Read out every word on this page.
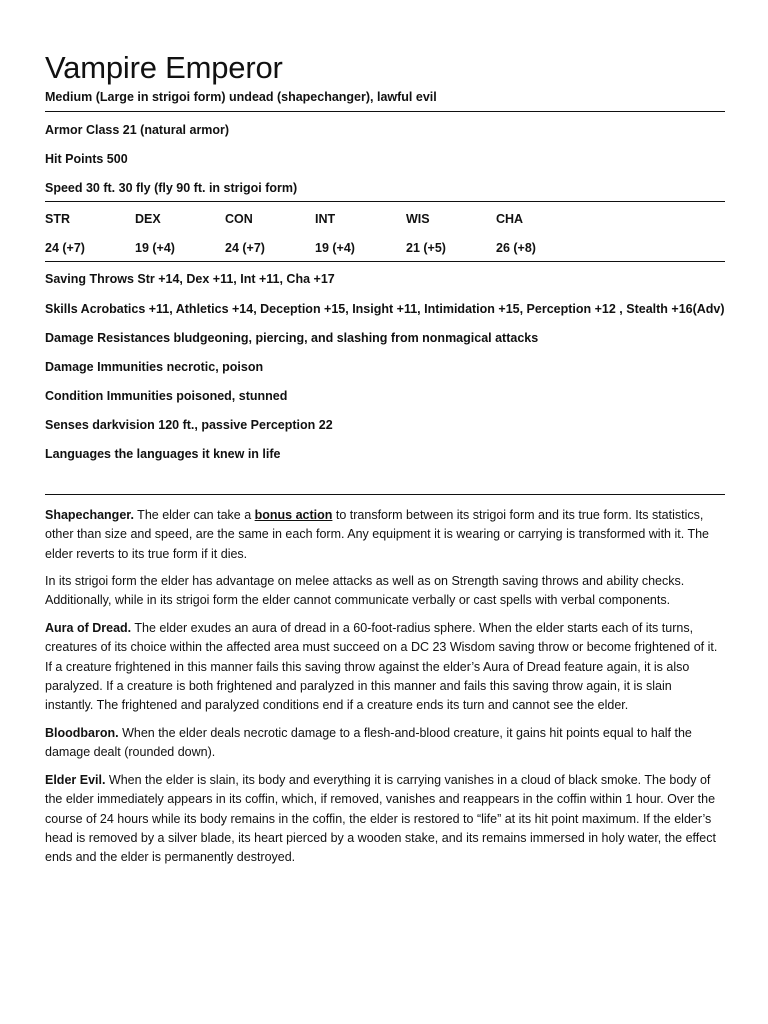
Vampire Emperor
Medium (Large in strigoi form) undead (shapechanger), lawful evil
Armor Class 21 (natural armor)
Hit Points 500
Speed 30 ft. 30 fly (fly 90 ft. in strigoi form)
STR	DEX	CON	INT	WIS	CHA
24 (+7)	19 (+4)	24 (+7)	19 (+4)	21 (+5)	26 (+8)
Saving Throws Str +14, Dex +11, Int +11, Cha +17
Skills Acrobatics +11, Athletics +14, Deception +15, Insight +11, Intimidation +15, Perception +12 , Stealth +16(Adv)
Damage Resistances bludgeoning, piercing, and slashing from nonmagical attacks
Damage Immunities necrotic, poison
Condition Immunities poisoned, stunned
Senses darkvision 120 ft., passive Perception 22
Languages the languages it knew in life
Shapechanger. The elder can take a bonus action to transform between its strigoi form and its true form. Its statistics, other than size and speed, are the same in each form. Any equipment it is wearing or carrying is transformed with it. The elder reverts to its true form if it dies.
In its strigoi form the elder has advantage on melee attacks as well as on Strength saving throws and ability checks. Additionally, while in its strigoi form the elder cannot communicate verbally or cast spells with verbal components.
Aura of Dread. The elder exudes an aura of dread in a 60-foot-radius sphere. When the elder starts each of its turns, creatures of its choice within the affected area must succeed on a DC 23 Wisdom saving throw or become frightened of it. If a creature frightened in this manner fails this saving throw against the elder’s Aura of Dread feature again, it is also paralyzed. If a creature is both frightened and paralyzed in this manner and fails this saving throw again, it is slain instantly. The frightened and paralyzed conditions end if a creature ends its turn and cannot see the elder.
Bloodbaron. When the elder deals necrotic damage to a flesh-and-blood creature, it gains hit points equal to half the damage dealt (rounded down).
Elder Evil. When the elder is slain, its body and everything it is carrying vanishes in a cloud of black smoke. The body of the elder immediately appears in its coffin, which, if removed, vanishes and reappears in the coffin within 1 hour. Over the course of 24 hours while its body remains in the coffin, the elder is restored to “life” at its hit point maximum. If the elder’s head is removed by a silver blade, its heart pierced by a wooden stake, and its remains immersed in holy water, the effect ends and the elder is permanently destroyed.
